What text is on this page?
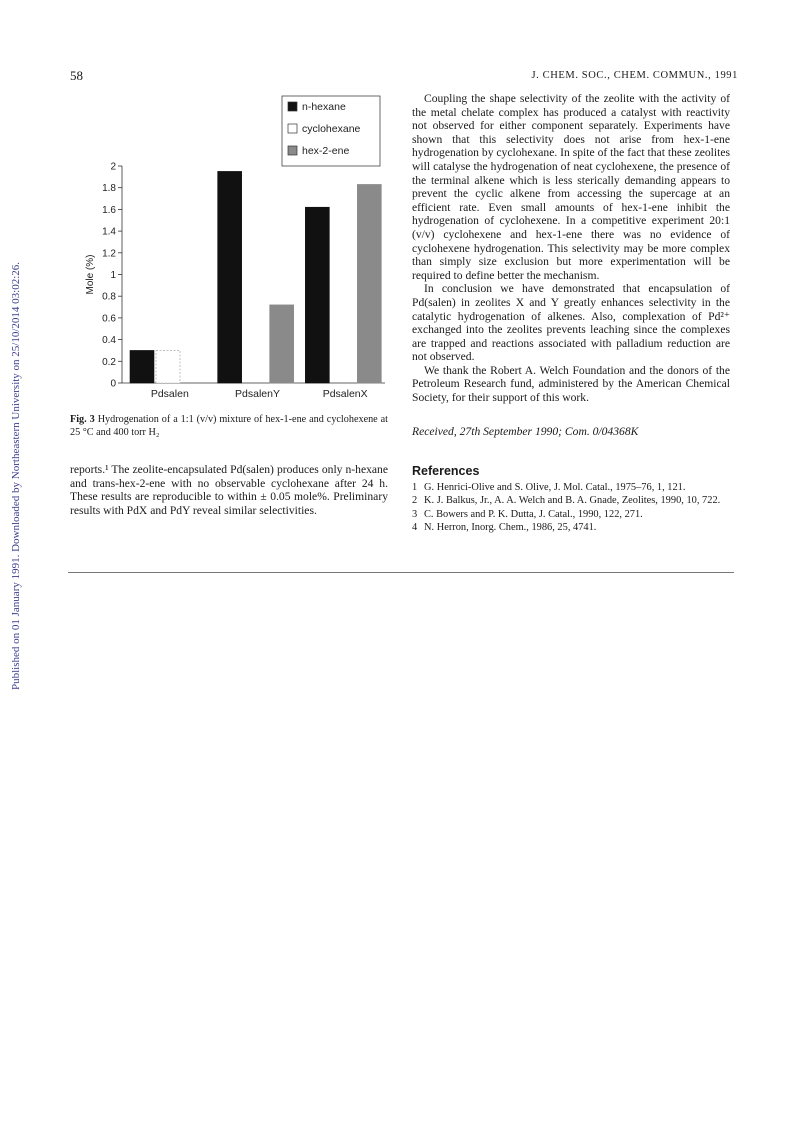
58	J. CHEM. SOC., CHEM. COMMUN., 1991
Published on 01 January 1991. Downloaded by Northeastern University on 25/10/2014 03:02:26.	0
0.2
0.4
0.6
0.8
1
1.2
1.4
1.6
1.8
2
Mole (%)
Pdsalen	PdsalenY	PdsalenX
n-hexane
cyclohexane
hex-2-ene
Fig. 3 Hydrogenation of a 1:1 (v/v) mixture of hex-1-ene and cyclohexene at 25 °C and 400 torr H₂

reports.¹ The zeolite-encapsulated Pd(salen) produces only n-hexane and trans-hex-2-ene with no observable cyclohexane after 24 h. These results are reproducible to within ± 0.05 mole%. Preliminary results with PdX and PdY reveal similar selectivities.

Coupling the shape selectivity of the zeolite with the activity of the metal chelate complex has produced a catalyst with reactivity not observed for either component separately. Experiments have shown that this selectivity does not arise from hex-1-ene hydrogenation by cyclohexane. In spite of the fact that these zeolites will catalyse the hydrogenation of neat cyclohexene, the presence of the terminal alkene which is less sterically demanding appears to prevent the cyclic alkene from accessing the supercage at an efficient rate. Even small amounts of hex-1-ene inhibit the hydrogenation of cyclohexene. In a competitive experiment 20:1 (v/v) cyclohexene and hex-1-ene there was no evidence of cyclohexene hydrogenation. This selectivity may be more complex than simply size exclusion but more experimentation will be required to define better the mechanism.

In conclusion we have demonstrated that encapsulation of Pd(salen) in zeolites X and Y greatly enhances selectivity in the catalytic hydrogenation of alkenes. Also, complexation of Pd²⁺ exchanged into the zeolites prevents leaching since the complexes are trapped and reactions associated with palladium reduction are not observed.

We thank the Robert A. Welch Foundation and the donors of the Petroleum Research fund, administered by the American Chemical Society, for their support of this work.

Received, 27th September 1990; Com. 0/04368K
References
1 G. Henrici-Olive and S. Olive, J. Mol. Catal., 1975–76, 1, 121.
2 K. J. Balkus, Jr., A. A. Welch and B. A. Gnade, Zeolites, 1990, 10, 722.
3 C. Bowers and P. K. Dutta, J. Catal., 1990, 122, 271.
4 N. Herron, Inorg. Chem., 1986, 25, 4741.
